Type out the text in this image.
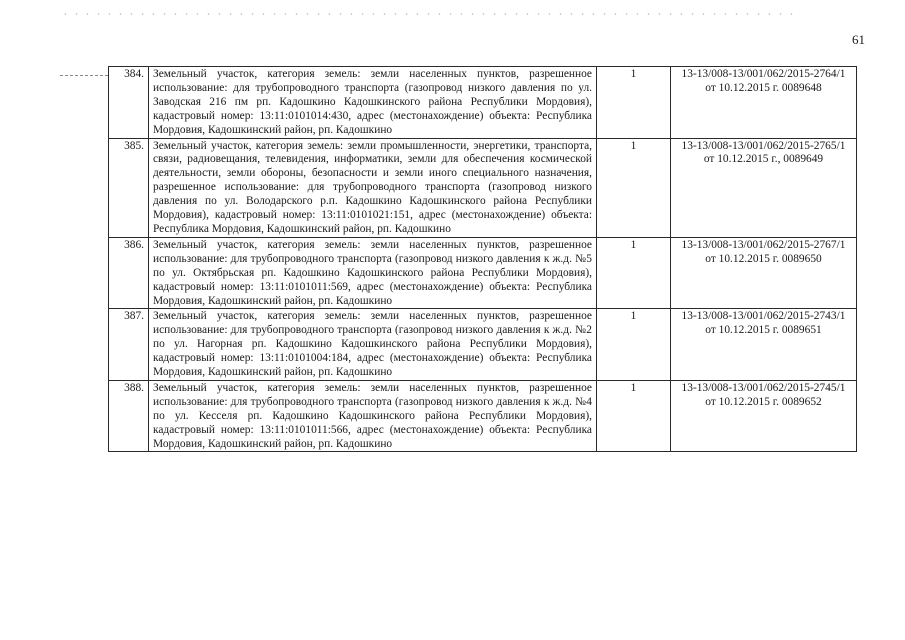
61
384.	Земельный участок, категория земель: земли населенных пунктов, разрешенное использование: для трубопроводного транспорта (газопровод низкого давления по ул. Заводская 216 пм рп. Кадошкино Кадошкинского района Республики Мордовия), кадастровый номер: 13:11:0101014:430, адрес (местонахождение) объекта: Республика Мордовия, Кадошкинский район, рп. Кадошкино	1	13-13/008-13/001/062/2015-2764/1 от 10.12.2015 г. 0089648
385.	Земельный участок, категория земель: земли промышленности, энергетики, транспорта, связи, радиовещания, телевидения, информатики, земли для обеспечения космической деятельности, земли обороны, безопасности и земли иного специального назначения, разрешенное использование: для трубопроводного транспорта (газопровод низкого давления по ул. Володарского р.п. Кадошкино Кадошкинского района Республики Мордовия), кадастровый номер: 13:11:0101021:151, адрес (местонахождение) объекта: Республика Мордовия, Кадошкинский район, рп. Кадошкино	1	13-13/008-13/001/062/2015-2765/1 от 10.12.2015 г., 0089649
386.	Земельный участок, категория земель: земли населенных пунктов, разрешенное использование: для трубопроводного транспорта (газопровод низкого давления к ж.д. №5 по ул. Октябрьская рп. Кадошкино Кадошкинского района Республики Мордовия), кадастровый номер: 13:11:0101011:569, адрес (местонахождение) объекта: Республика Мордовия, Кадошкинский район, рп. Кадошкино	1	13-13/008-13/001/062/2015-2767/1 от 10.12.2015 г. 0089650
387.	Земельный участок, категория земель: земли населенных пунктов, разрешенное использование: для трубопроводного транспорта (газопровод низкого давления к ж.д. №2 по ул. Нагорная рп. Кадошкино Кадошкинского района Республики Мордовия), кадастровый номер: 13:11:0101004:184, адрес (местонахождение) объекта: Республика Мордовия, Кадошкинский район, рп. Кадошкино	1	13-13/008-13/001/062/2015-2743/1 от 10.12.2015 г. 0089651
388.	Земельный участок, категория земель: земли населенных пунктов, разрешенное использование: для трубопроводного транспорта (газопровод низкого давления к ж.д. №4 по ул. Кесселя рп. Кадошкино Кадошкинского района Республики Мордовия), кадастровый номер: 13:11:0101011:566, адрес (местонахождение) объекта: Республика Мордовия, Кадошкинский район, рп. Кадошкино	1	13-13/008-13/001/062/2015-2745/1 от 10.12.2015 г. 0089652
